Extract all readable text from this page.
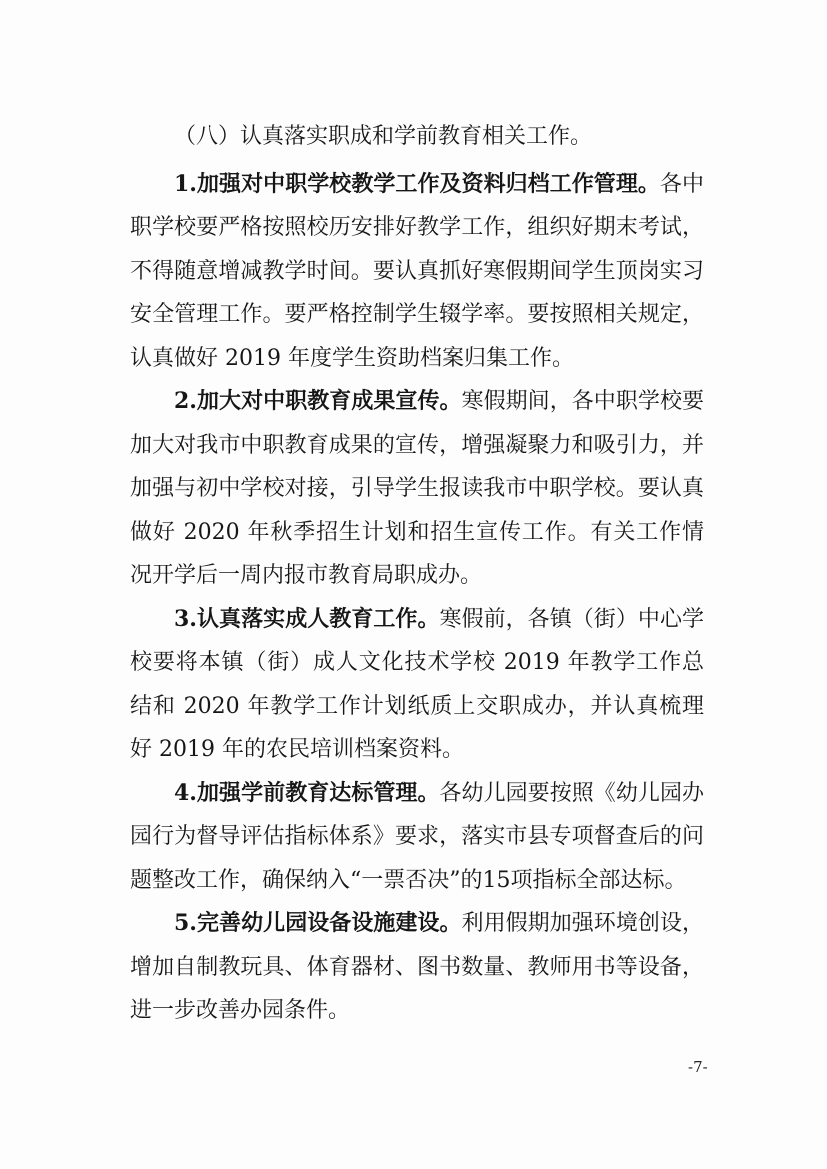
（八）认真落实职成和学前教育相关工作。

1.加强对中职学校教学工作及资料归档工作管理。各中职学校要严格按照校历安排好教学工作，组织好期末考试，不得随意增减教学时间。要认真抓好寒假期间学生顶岗实习安全管理工作。要严格控制学生辍学率。要按照相关规定，认真做好 2019 年度学生资助档案归集工作。

2.加大对中职教育成果宣传。寒假期间，各中职学校要加大对我市中职教育成果的宣传，增强凝聚力和吸引力，并加强与初中学校对接，引导学生报读我市中职学校。要认真做好 2020 年秋季招生计划和招生宣传工作。有关工作情况开学后一周内报市教育局职成办。

3.认真落实成人教育工作。寒假前，各镇（街）中心学校要将本镇（街）成人文化技术学校 2019 年教学工作总结和 2020 年教学工作计划纸质上交职成办，并认真梳理好 2019 年的农民培训档案资料。

4.加强学前教育达标管理。各幼儿园要按照《幼儿园办园行为督导评估指标体系》要求，落实市县专项督查后的问题整改工作，确保纳入“一票否决”的15项指标全部达标。

5.完善幼儿园设备设施建设。利用假期加强环境创设，增加自制教玩具、体育器材、图书数量、教师用书等设备，进一步改善办园条件。

-7-
